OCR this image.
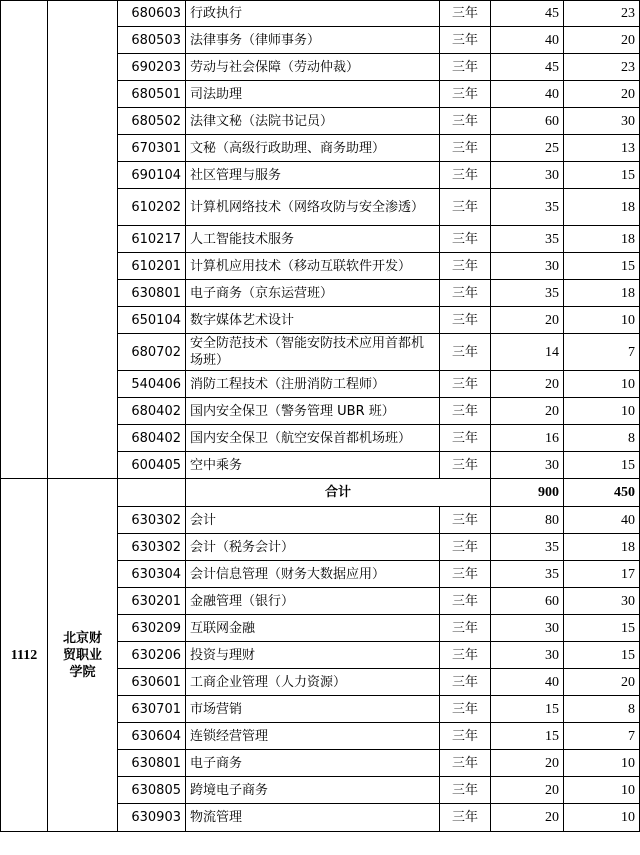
		680603	行政执行	三年	45	23
		680503	法律事务（律师事务）	三年	40	20
		690203	劳动与社会保障（劳动仲裁）	三年	45	23
		680501	司法助理	三年	40	20
		680502	法律文秘（法院书记员）	三年	60	30
		670301	文秘（高级行政助理、商务助理）	三年	25	13
		690104	社区管理与服务	三年	30	15
		610202	计算机网络技术（网络攻防与安全渗透）	三年	35	18
		610217	人工智能技术服务	三年	35	18
		610201	计算机应用技术（移动互联软件开发）	三年	30	15
		630801	电子商务（京东运营班）	三年	35	18
		650104	数字媒体艺术设计	三年	20	10
		680702	安全防范技术（智能安防技术应用首都机场班）	三年	14	7
		540406	消防工程技术（注册消防工程师）	三年	20	10
		680402	国内安全保卫（警务管理 UBR 班）	三年	20	10
		680402	国内安全保卫（航空安保首都机场班）	三年	16	8
		600405	空中乘务	三年	30	15
1112	北京财贸职业学院		合计		900	450
		630302	会计	三年	80	40
		630302	会计（税务会计）	三年	35	18
		630304	会计信息管理（财务大数据应用）	三年	35	17
		630201	金融管理（银行）	三年	60	30
		630209	互联网金融	三年	30	15
		630206	投资与理财	三年	30	15
		630601	工商企业管理（人力资源）	三年	40	20
		630701	市场营销	三年	15	8
		630604	连锁经营管理	三年	15	7
		630801	电子商务	三年	20	10
		630805	跨境电子商务	三年	20	10
		630903	物流管理	三年	20	10
